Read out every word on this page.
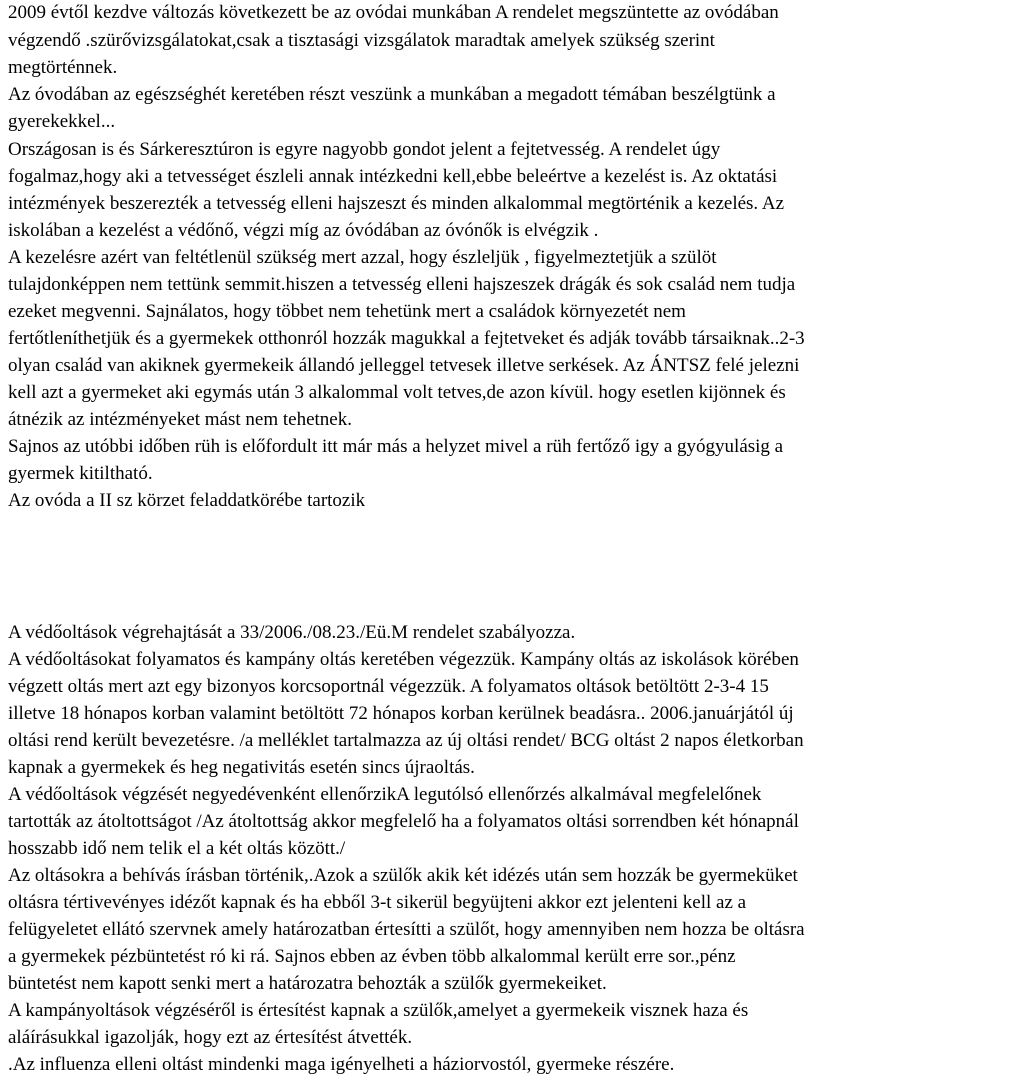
2009 évtől kezdve változás következett be az ovódai munkában A rendelet megszüntette az ovódában
végzendő .szürővizsgálatokat,csak a tisztasági vizsgálatok maradtak amelyek szükség szerint
megtörténnek.
Az óvodában az egészséghét keretében részt veszünk a munkában a megadott témában beszélgtünk a
gyerekekkel...
Országosan is és Sárkeresztúron is egyre nagyobb gondot jelent a fejtetvesség. A rendelet úgy
fogalmaz,hogy aki a tetvességet észleli annak intézkedni kell,ebbe beleértve a kezelést is. Az oktatási
intézmények beszerezték a tetvesség elleni hajszeszt és minden alkalommal megtörténik a kezelés. Az
iskolában a kezelést a védőnő, végzi míg az óvódában az óvónők is elvégzik .
A kezelésre azért van feltétlenül szükség mert azzal, hogy észleljük , figyelmeztetjük a szülöt
tulajdonképpen nem tettünk semmit.hiszen a tetvesség elleni hajszeszek drágák és sok család nem tudja
ezeket megvenni. Sajnálatos, hogy többet nem tehetünk mert a családok környezetét nem
fertőtleníthetjük és a gyermekek otthonról hozzák magukkal a fejtetveket és adják tovább társaiknak..2-3
olyan család van akiknek gyermekeik állandó jelleggel tetvesek illetve serkések. Az ÁNTSZ felé jelezni
kell azt a gyermeket aki egymás után 3 alkalommal volt tetves,de azon kívül. hogy esetlen kijönnek és
átnézik az intézményeket mást nem tehetnek.
Sajnos az utóbbi időben rüh is előfordult itt már más a helyzet mivel a rüh fertőző igy a gyógyulásig a
gyermek kitiltható.
Az ovóda a II sz körzet feladdatkörébe tartozik
A védőoltások végrehajtását a 33/2006./08.23./Eü.M rendelet szabályozza.
A védőoltásokat folyamatos és kampány oltás keretében végezzük. Kampány oltás az iskolások körében
végzett oltás mert azt egy bizonyos korcsoportnál végezzük. A folyamatos oltások betöltött 2-3-4 15
illetve 18 hónapos korban valamint betöltött 72 hónapos korban kerülnek beadásra.. 2006.januárjától új
oltási rend került bevezetésre. /a melléklet tartalmazza az új oltási rendet/ BCG oltást 2 napos életkorban
kapnak a gyermekek és heg negativitás esetén sincs újraoltás.
A védőoltások végzését negyedévenként ellenőrzikA legutólsó ellenőrzés alkalmával megfelelőnek
tartották az átoltottságot /Az átoltottság akkor megfelelő ha a folyamatos oltási sorrendben két hónapnál
hosszabb idő nem telik el a két oltás között./
Az oltásokra a behívás írásban történik,.Azok a szülők akik két idézés után sem hozzák be gyermeküket
oltásra tértivevényes idézőt kapnak és ha ebből 3-t sikerül begyüjteni akkor ezt jelenteni kell az a
felügyeletet ellátó szervnek amely határozatban értesítti a szülőt, hogy amennyiben nem hozza be oltásra
a gyermekek pézbüntetést ró ki rá. Sajnos ebben az évben több alkalommal került erre sor.,pénz
büntetést nem kapott senki mert a határozatra behozták a szülők gyermekeiket.
A kampányoltások végzéséről is értesítést kapnak a szülők,amelyet a gyermekeik visznek haza és
aláírásukkal igazolják, hogy ezt az értesítést átvették.
.Az influenza elleni oltást mindenki maga igényelheti a háziorvostól, gyermeke részére.
